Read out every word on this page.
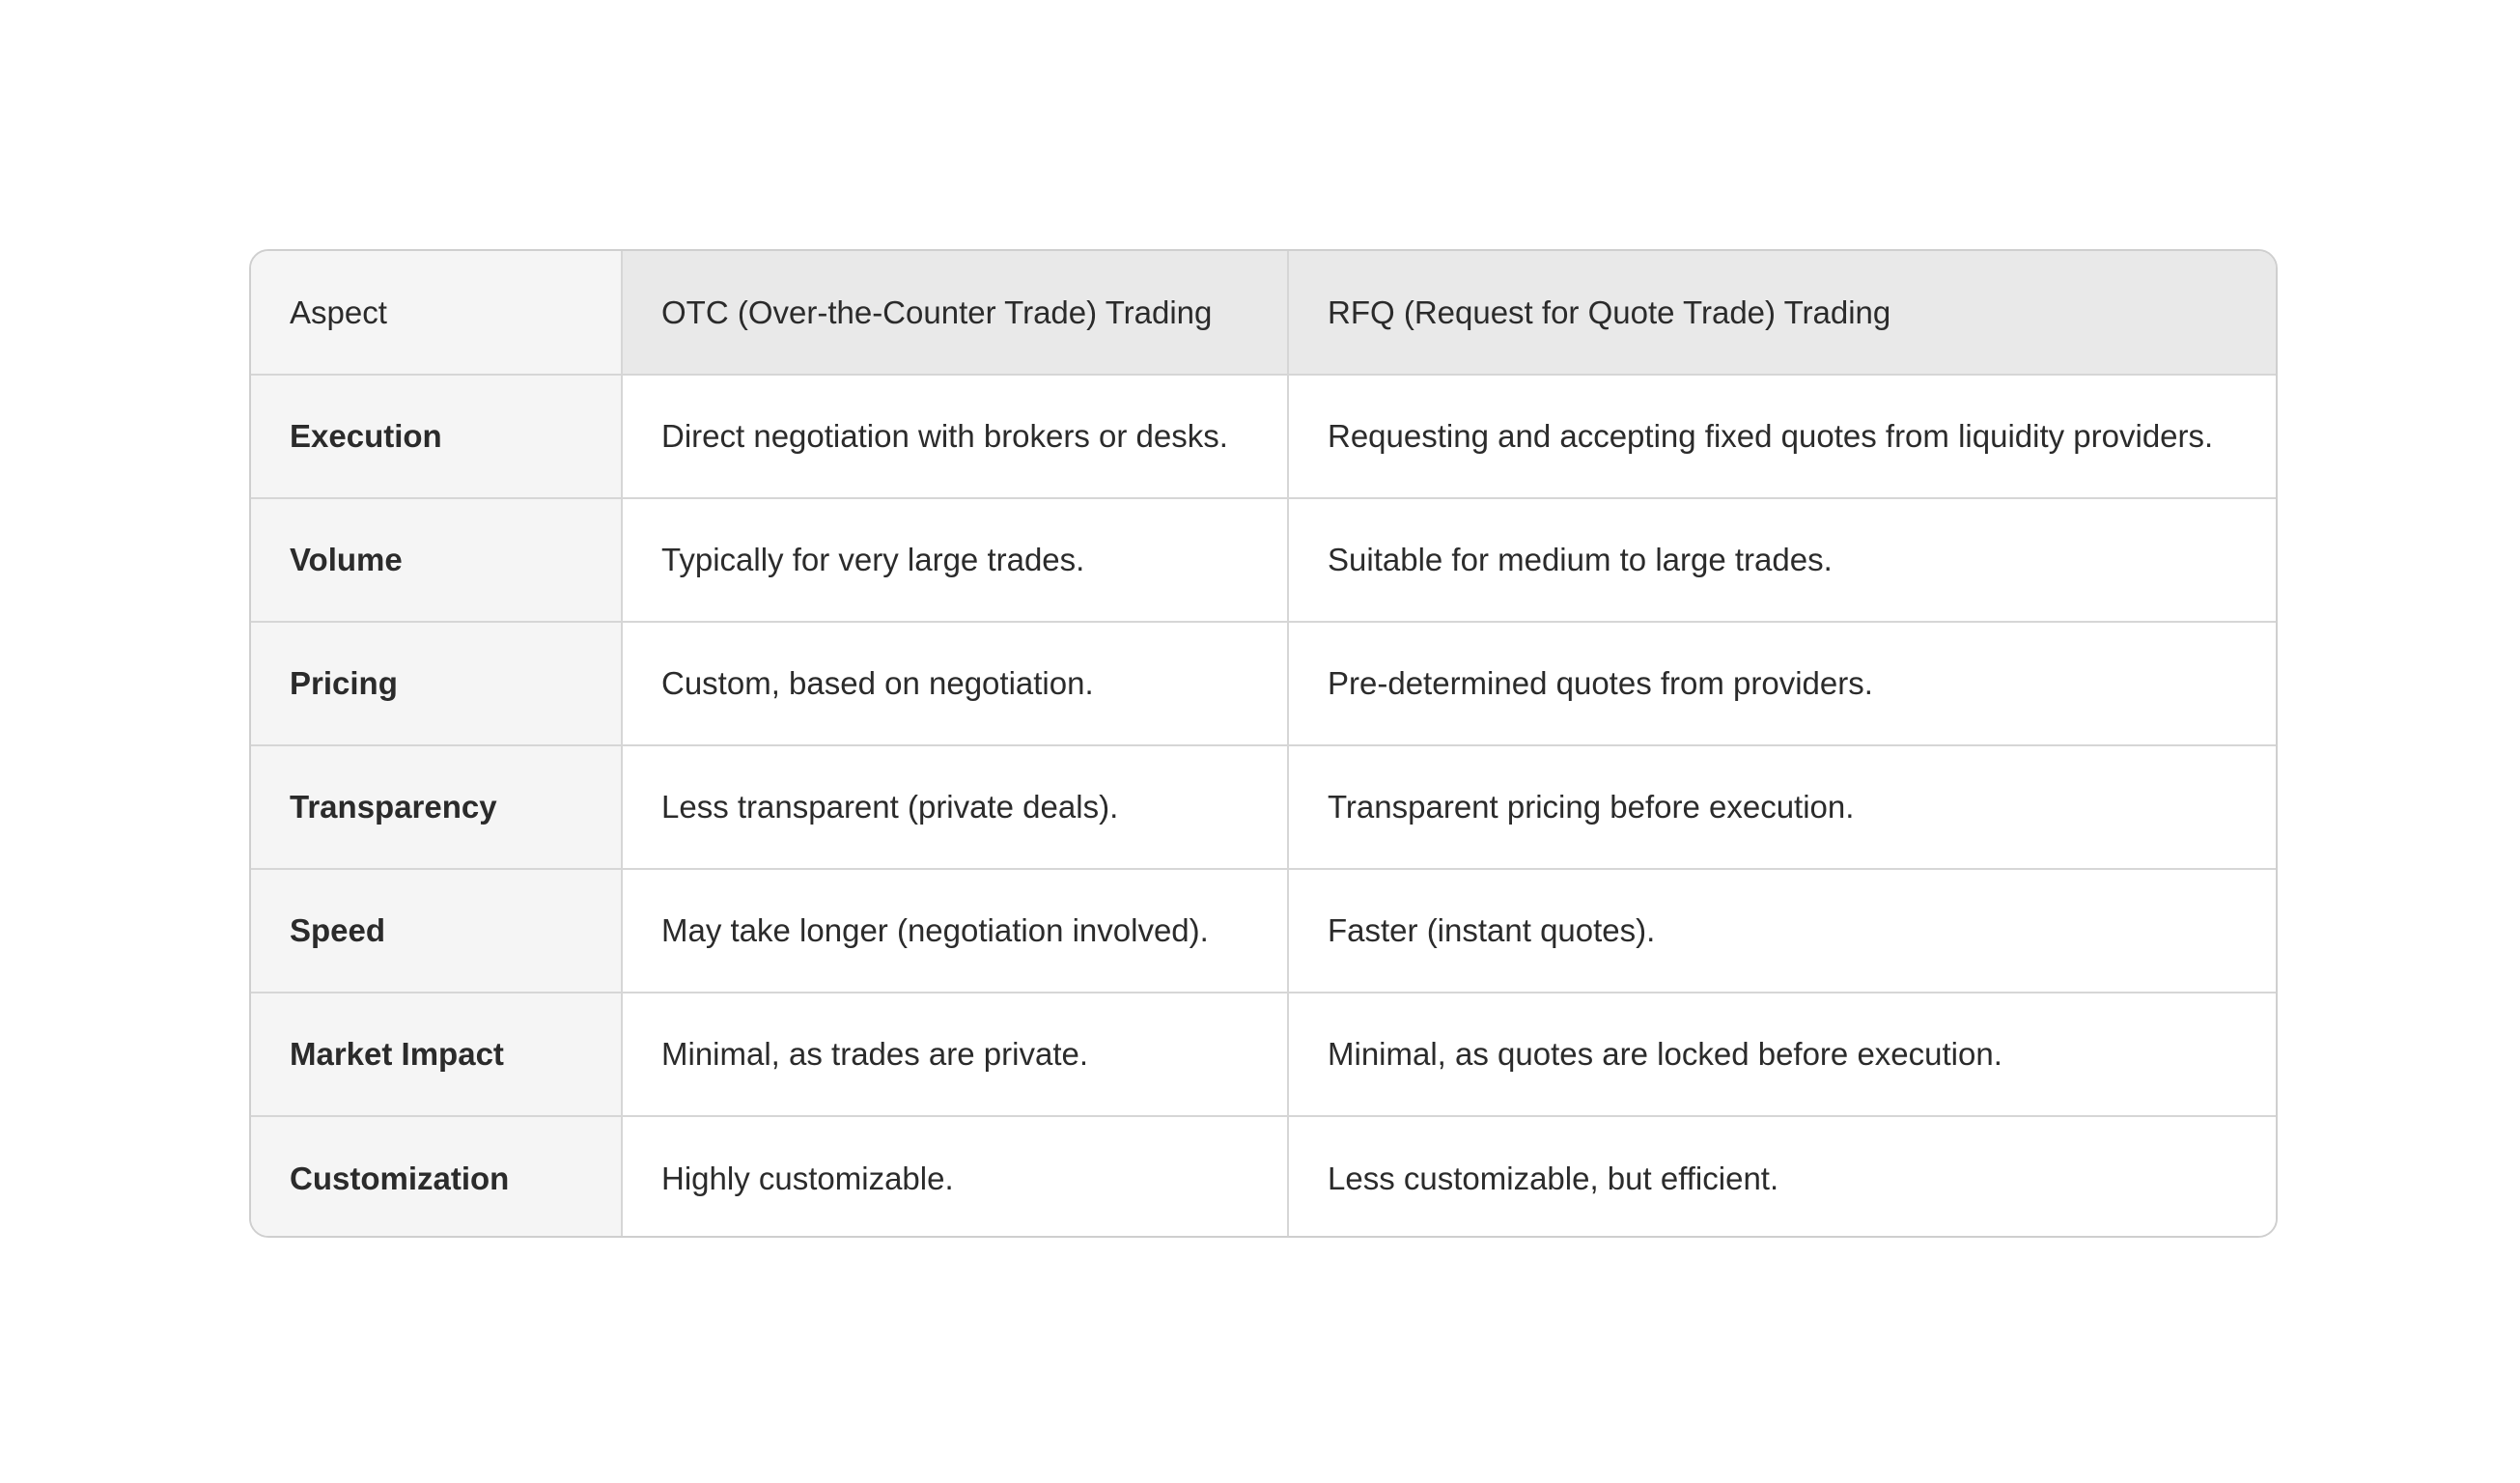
Aspect	OTC (Over-the-Counter Trade) Trading	RFQ (Request for Quote Trade) Trading
Execution	Direct negotiation with brokers or desks.	Requesting and accepting fixed quotes from liquidity providers.
Volume	Typically for very large trades.	Suitable for medium to large trades.
Pricing	Custom, based on negotiation.	Pre-determined quotes from providers.
Transparency	Less transparent (private deals).	Transparent pricing before execution.
Speed	May take longer (negotiation involved).	Faster (instant quotes).
Market Impact	Minimal, as trades are private.	Minimal, as quotes are locked before execution.
Customization	Highly customizable.	Less customizable, but efficient.
